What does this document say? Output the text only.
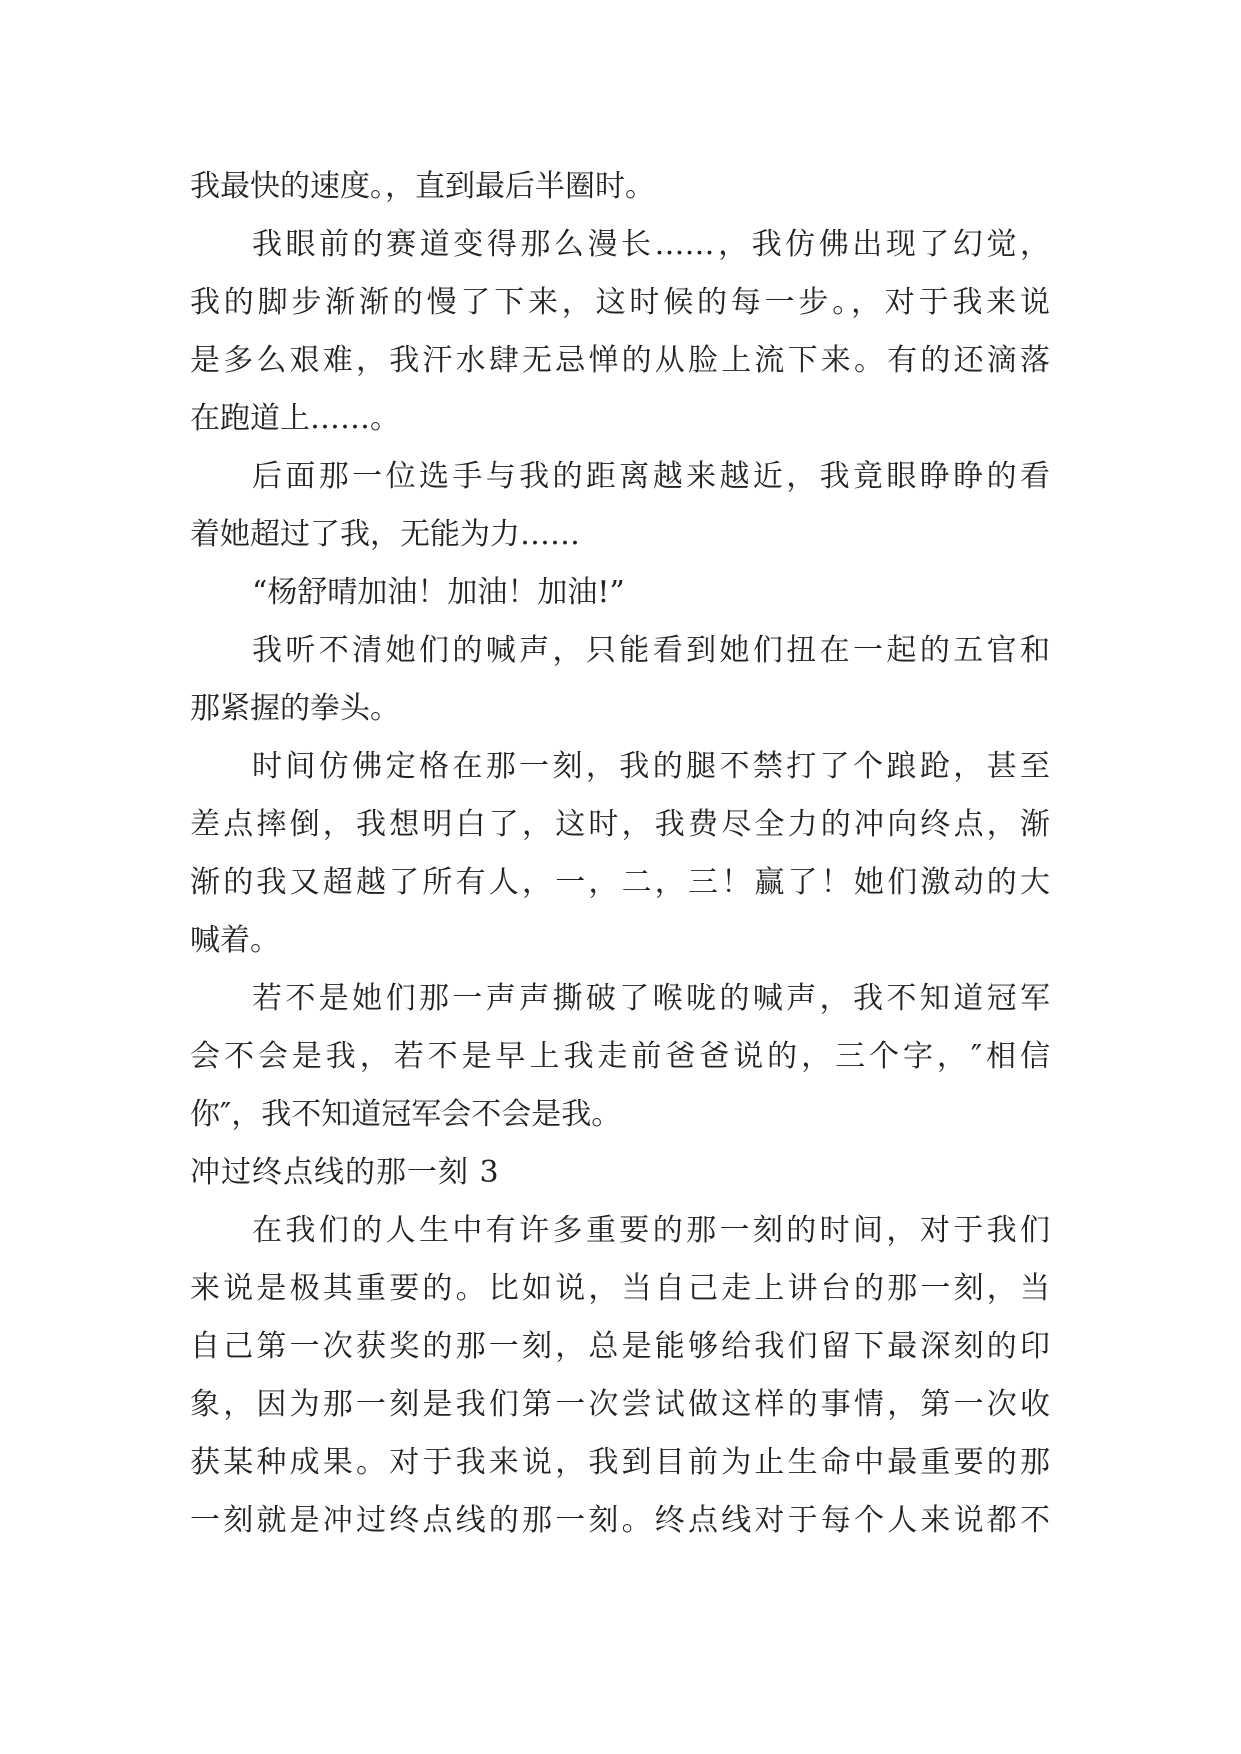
我最快的速度。，直到最后半圈时。
我眼前的赛道变得那么漫长……，我仿佛出现了幻觉，
我的脚步渐渐的慢了下来，这时候的每一步。，对于我来说
是多么艰难，我汗水肆无忌惮的从脸上流下来。有的还滴落
在跑道上……。
后面那一位选手与我的距离越来越近，我竟眼睁睁的看
着她超过了我，无能为力……
“杨舒晴加油！加油！加油!”
我听不清她们的喊声，只能看到她们扭在一起的五官和
那紧握的拳头。
时间仿佛定格在那一刻，我的腿不禁打了个踉跄，甚至
差点摔倒，我想明白了，这时，我费尽全力的冲向终点，渐
渐的我又超越了所有人，一，二，三！赢了！她们激动的大
喊着。
若不是她们那一声声撕破了喉咙的喊声，我不知道冠军
会不会是我，若不是早上我走前爸爸说的，三个字，″相信
你″，我不知道冠军会不会是我。
冲过终点线的那一刻 3
在我们的人生中有许多重要的那一刻的时间，对于我们
来说是极其重要的。比如说，当自己走上讲台的那一刻，当
自己第一次获奖的那一刻，总是能够给我们留下最深刻的印
象，因为那一刻是我们第一次尝试做这样的事情，第一次收
获某种成果。对于我来说，我到目前为止生命中最重要的那
一刻就是冲过终点线的那一刻。终点线对于每个人来说都不
